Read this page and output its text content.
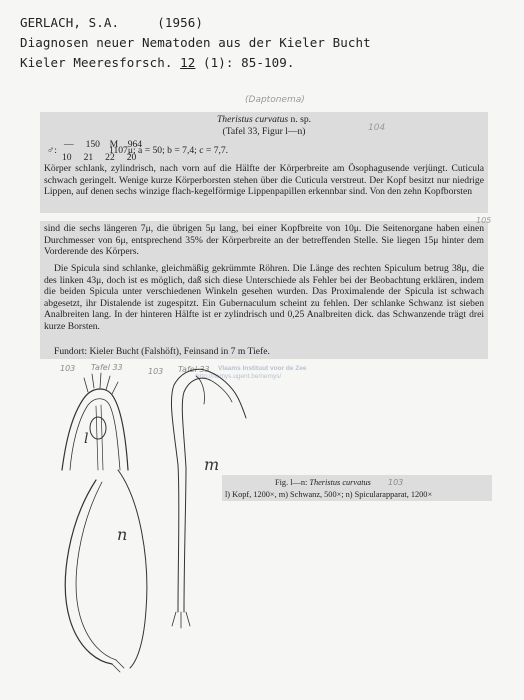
GERLACH, S.A.     (1956)
Diagnosen neuer Nematoden aus der Kieler Bucht
Kieler Meeresforsch. 12 (1): 85-109.
(Daptonema)
104
Theristus curvatus n. sp.
(Tafel 33, Figur l—n)
♂:
—     150    M    964
10     21     22     20
1107μ; a = 50; b = 7,4; c = 7,7.
Körper schlank, zylindrisch, nach vorn auf die Hälfte der Körperbreite am Ösophagusende verjüngt. Cuticula schwach geringelt. Wenige kurze Körperborsten stehen über die Cuticula verstreut. Der Kopf besitzt nur niedrige Lippen, auf denen sechs winzige flach-kegelförmige Lippenpapillen erkennbar sind. Von den zehn Kopfborsten
105
sind die sechs längeren 7μ, die übrigen 5μ lang, bei einer Kopfbreite von 10μ. Die Seitenorgane haben einen Durchmesser von 6μ, entsprechend 35% der Körperbreite an der betreffenden Stelle. Sie liegen 15μ hinter dem Vorderende des Körpers.
Die Spicula sind schlanke, gleichmäßig gekrümmte Röhren. Die Länge des rechten Spiculum betrug 38μ, die des linken 43μ, doch ist es möglich, daß sich diese Unterschiede als Fehler bei der Beobachtung erklären, indem die beiden Spicula unter verschiedenen Winkeln gesehen wurden. Das Proximalende der Spicula ist schwach abgesetzt, ihr Distalende ist zugespitzt. Ein Gubernaculum scheint zu fehlen. Der schlanke Schwanz ist sieben Analbreiten lang. In der hinteren Hälfte ist er zylindrisch und 0,25 Analbreiten dick. das Schwanzende trägt drei kurze Borsten.
Fundort: Kieler Bucht (Falshöft), Feinsand in 7 m Tiefe.
Vlaams Instituut voor de Zee
http://nemys.ugent.be/nemys/
103 Tafel 33	103 Tafel 33
l
m
n
Fig. l—n: Theristus curvatus	103
l) Kopf, 1200×, m) Schwanz, 500×; n) Spicularapparat, 1200×
